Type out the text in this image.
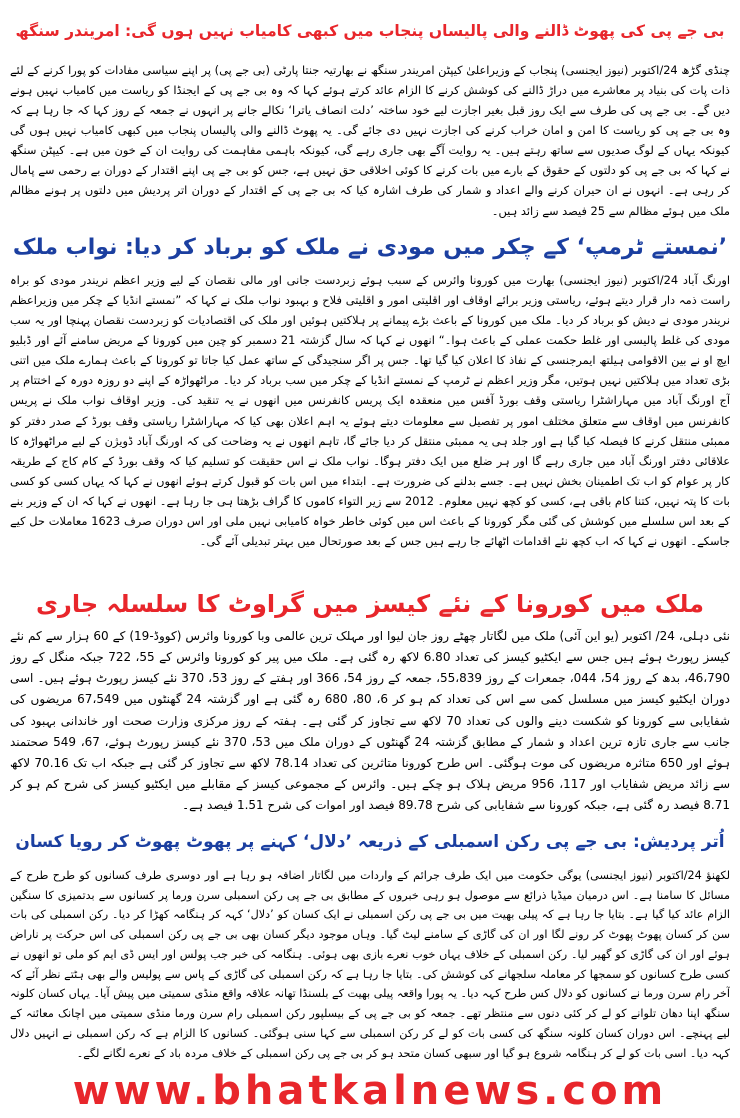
بی جے پی کی پھوٹ ڈالنے والی پالیساں پنجاب میں کبھی کامیاب نہیں ہوں گی: امریندر سنگھ
چنڈی گڑھ 24/اکتوبر (نیوز ایجنسی) پنجاب کے وزیراعلیٰ کیپٹن امریندر سنگھ نے بھارتیہ جنتا پارٹی (بی جے پی) پر اپنے سیاسی مفادات کو پورا کرنے کے لئے ذات پات کی بنیاد پر معاشرے میں دراڑ ڈالنے کی کوشش کرنے کا الزام عائد کرتے ہوئے کہا کہ وہ بی جے پی کے ایجنڈا کو ریاست میں کامیاب نہیں ہونے دیں گے۔ بی جے پی کی طرف سے ایک روز قبل بغیر اجازت لیے خود ساختہ ’دلت انصاف یاترا‘ نکالے جانے پر انہوں نے جمعہ کے روز کہا کہ جا رہا ہے کہ وہ بی جے پی کو ریاست کا امن و امان خراب کرنے کی اجازت نہیں دی جائے گی۔ یہ پھوٹ ڈالنے والی پالیساں پنجاب میں کبھی کامیاب نہیں ہوں گی کیونکہ یہاں کے لوگ صدیوں سے ساتھ رہتے ہیں۔ یہ روایت آگے بھی جاری رہے گی، کیونکہ باہمی مفاہمت کی روایت ان کے خون میں ہے۔ کیپٹن سنگھ نے کہا کہ بی جے پی کو دلتوں کے حقوق کے بارے میں بات کرنے کا کوئی اخلاقی حق نہیں ہے، جس کو بی جے پی اپنے اقتدار کے دوران بے رحمی سے پامال کر رہی ہے۔ انہوں نے ان حیران کرنے والے اعداد و شمار کی طرف اشارہ کیا کہ بی جے پی کے اقتدار کے دوران اتر پردیش میں دلتوں پر ہونے مظالم ملک میں ہوئے مظالم سے 25 فیصد سے زائد ہیں۔
’نمستے ٹرمپ‘ کے چکر میں مودی نے ملک کو برباد کر دیا: نواب ملک
اورنگ آباد 24/اکتوبر (نیوز ایجنسی) بھارت میں کورونا وائرس کے سبب ہوئے زبردست جانی اور مالی نقصان کے لیے وزیر اعظم نریندر مودی کو براہ راست ذمہ دار قرار دیتے ہوئے، ریاستی وزیر برائے اوقاف اور اقلیتی امور و اقلیتی فلاح و بہبود نواب ملک نے کہا کہ ”نمستے انڈیا کے چکر میں وزیراعظم نریندر مودی نے دیش کو برباد کر دیا۔ ملک میں کورونا کے باعث بڑے پیمانے پر ہلاکتیں ہوئیں اور ملک کی اقتصادیات کو زبردست نقصان پہنچا اور یہ سب مودی کی غلط پالیسی اور غلط حکمت عملی کے باعث ہوا۔“ انھوں نے کہا کہ سال گزشتہ 21 دسمبر کو چین میں کورونا کے مریض سامنے آئے اور ڈبلیو ایچ او نے بین الاقوامی ہیلتھ ایمرجنسی کے نفاذ کا اعلان کیا گیا تھا۔ جس پر اگر سنجیدگی کے ساتھ عمل کیا جاتا تو کورونا کے باعث ہمارے ملک میں اتنی بڑی تعداد میں ہلاکتیں نہیں ہوتیں، مگر وزیر اعظم نے ٹرمپ کے نمستے انڈیا کے چکر میں سب برباد کر دیا۔ مراٹھواڑہ کے اپنے دو روزہ دورہ کے اختتام پر آج اورنگ آباد میں مہاراشٹرا ریاستی وقف بورڈ آفس میں منعقدہ ایک پریس کانفرنس میں انھوں نے یہ تنقید کی۔ وزیر اوقاف نواب ملک نے پریس کانفرنس میں اوقاف سے متعلق مختلف امور پر تفصیل سے معلومات دیتے ہوئے یہ اہم اعلان بھی کیا کہ مہاراشٹرا ریاستی وقف بورڈ کے صدر دفتر کو ممبئی منتقل کرنے کا فیصلہ کیا گیا ہے اور جلد ہی یہ ممبئی منتقل کر دیا جائے گا، تاہم انھوں نے یہ وضاحت کی کہ اورنگ آباد ڈویژن کے لیے مراٹھواڑہ کا علاقائی دفتر اورنگ آباد میں جاری رہے گا اور ہر ضلع میں ایک دفتر ہوگا۔ نواب ملک نے اس حقیقت کو تسلیم کیا کہ وقف بورڈ کے کام کاج کے طریقہ کار پر عوام کو اب تک اطمینان بخش نہیں ہے۔ جسے بدلنے کی ضرورت ہے۔ ابتداء میں اس بات کو قبول کرتے ہوئے انھوں نے کہا کہ یہاں کسی کو کسی بات کا پتہ نہیں، کتنا کام باقی ہے، کسی کو کچھ نہیں معلوم۔ 2012 سے زیر التواء کاموں کا گراف بڑھتا ہی جا رہا ہے۔ انھوں نے کہا کہ ان کے وزیر بنے کے بعد اس سلسلے میں کوشش کی گئی مگر کورونا کے باعث اس میں کوئی خاطر خواہ کامیابی نہیں ملی اور اس دوران صرف 1623 معاملات حل کیے جاسکے۔ انھوں نے کہا کہ اب کچھ نئے اقدامات اٹھائے جا رہے ہیں جس کے بعد صورتحال میں بہتر تبدیلی آئے گی۔
ملک میں کورونا کے نئے کیسز میں گراوٹ کا سلسلہ جاری
نئی دہلی، 24/ اکتوبر (یو این آئی) ملک میں لگاتار چھٹے روز جان لیوا اور مہلک ترین عالمی وبا کورونا وائرس (کووڈ-19) کے 60 ہزار سے کم نئے کیسز رپورٹ ہوئے ہیں جس سے ایکٹیو کیسز کی تعداد 6.80 لاکھ رہ گئی ہے۔ ملک میں پیر کو کورونا وائرس کے 55، 722 جبکہ منگل کے روز 46،790، بدھ کے روز 54، 044، جمعرات کے روز 55،839، جمعہ کے روز 54، 366 اور ہفتے کے روز 53، 370 نئے کیسز رپورٹ ہوئے ہیں۔ اسی دوران ایکٹیو کیسز میں مسلسل کمی سے اس کی تعداد کم ہو کر 6، 80، 680 رہ گئی ہے اور گزشتہ 24 گھنٹوں میں 67،549 مریضوں کی شفایابی سے کورونا کو شکست دینے والوں کی تعداد 70 لاکھ سے تجاوز کر گئی ہے۔ ہفتہ کے روز مرکزی وزارت صحت اور خاندانی بہبود کی جانب سے جاری تازہ ترین اعداد و شمار کے مطابق گزشتہ 24 گھنٹوں کے دوران ملک میں 53، 370 نئے کیسز رپورٹ ہوئے، 67، 549 صحتمند ہوئے اور 650 متاثرہ مریضوں کی موت ہوگئی۔ اس طرح کورونا متاثرین کی تعداد 78.14 لاکھ سے تجاوز کر گئی ہے جبکہ اب تک 70.16 لاکھ سے زائد مریض شفایاب اور 117، 956 مریض ہلاک ہو چکے ہیں۔ وائرس کے مجموعی کیسز کے مقابلے میں ایکٹیو کیسز کی شرح کم ہو کر 8.71 فیصد رہ گئی ہے، جبکہ کورونا سے شفایابی کی شرح 89.78 فیصد اور اموات کی شرح 1.51 فیصد ہے۔
اُتر پردیش: بی جے پی رکن اسمبلی کے ذریعہ ’دلال‘ کہنے پر پھوٹ پھوٹ کر رویا کسان
لکھنؤ 24/اکتوبر (نیوز ایجنسی) یوگی حکومت میں ایک طرف جرائم کے واردات میں لگاتار اضافہ ہو رہا ہے اور دوسری طرف کسانوں کو طرح طرح کے مسائل کا سامنا ہے۔ اس درمیان میڈیا ذرائع سے موصول ہو رہی خبروں کے مطابق بی جے پی رکن اسمبلی سرن ورما پر کسانوں سے بدتمیزی کا سنگین الزام عائد کیا گیا ہے۔ بتایا جا رہا ہے کہ پیلی بھیت میں بی جے پی رکن اسمبلی نے ایک کسان کو ’دلال‘ کہہ کر ہنگامہ کھڑا کر دیا۔ رکن اسمبلی کی بات سن کر کسان پھوٹ پھوٹ کر رونے لگا اور ان کی گاڑی کے سامنے لیٹ گیا۔ وہاں موجود دیگر کسان بھی بی جے پی رکن اسمبلی کی اس حرکت پر ناراض ہوئے اور ان کی گاڑی کو گھیر لیا۔ رکن اسمبلی کے خلاف یہاں خوب نعرے بازی بھی ہوئی۔ ہنگامہ کی خبر جب پولس اور ایس ڈی ایم کو ملی تو انھوں نے کسی طرح کسانوں کو سمجھا کر معاملہ سلجھانے کی کوشش کی۔ بتایا جا رہا ہے کہ رکن اسمبلی کی گاڑی کے پاس سے پولیس والے بھی ہٹتے نظر آئے کہ آخر رام سرن ورما نے کسانوں کو دلال کس طرح کہہ دیا۔ یہ پورا واقعہ پیلی بھیت کے بلسنڈا تھانہ علاقہ واقع منڈی سمیتی میں پیش آیا۔ یہاں کسان کلونہ سنگھ اپنا دھان تلوانے کو لے کر کئی دنوں سے منتظر تھے۔ جمعہ کو بی جے پی کے بیسلپور رکن اسمبلی رام سرن ورما منڈی سمیتی میں اچانک معائنہ کے لیے پہنچے۔ اس دوران کسان کلونہ سنگھ کی کسی بات کو لے کر رکن اسمبلی سے کہا سنی ہوگئی۔ کسانوں کا الزام ہے کہ رکن اسمبلی نے انہیں دلال کہہ دیا۔ اسی بات کو لے کر ہنگامہ شروع ہو گیا اور سبھی کسان متحد ہو کر بی جے پی رکن اسمبلی کے خلاف مردہ باد کے نعرے لگانے لگے۔
www.bhatkalnews.com
